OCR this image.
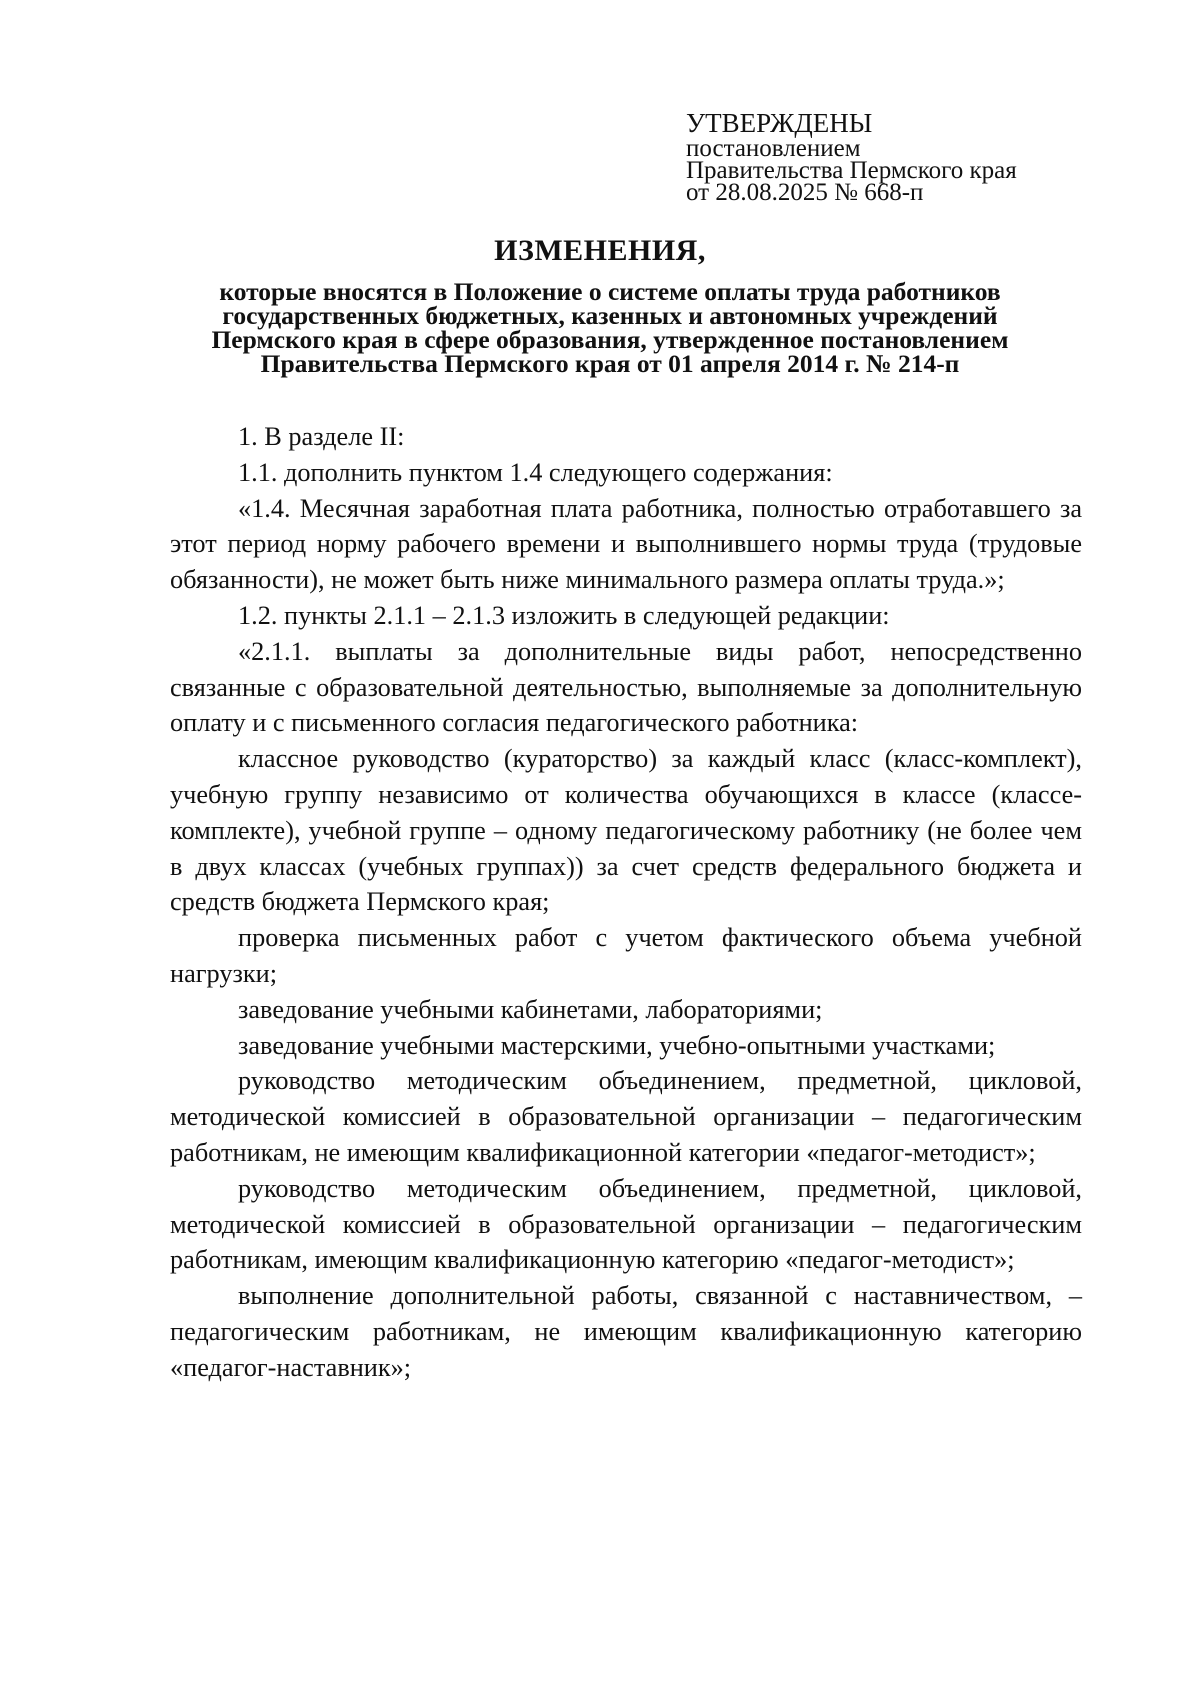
УТВЕРЖДЕНЫ
постановлением
Правительства Пермского края
от 28.08.2025 № 668-п
ИЗМЕНЕНИЯ,
которые вносятся в Положение о системе оплаты труда работников
государственных бюджетных, казенных и автономных учреждений
Пермского края в сфере образования, утвержденное постановлением
Правительства Пермского края от 01 апреля 2014 г. № 214-п

1. В разделе II:

1.1. дополнить пунктом 1.4 следующего содержания:

«1.4. Месячная заработная плата работника, полностью отработавшего за этот период норму рабочего времени и выполнившего нормы труда (трудовые обязанности), не может быть ниже минимального размера оплаты труда.»;

1.2. пункты 2.1.1 – 2.1.3 изложить в следующей редакции:

«2.1.1. выплаты за дополнительные виды работ, непосредственно связанные с образовательной деятельностью, выполняемые за дополнительную оплату и с письменного согласия педагогического работника:

классное руководство (кураторство) за каждый класс (класс-комплект), учебную группу независимо от количества обучающихся в классе (классе-комплекте), учебной группе – одному педагогическому работнику (не более чем в двух классах (учебных группах)) за счет средств федерального бюджета и средств бюджета Пермского края;

проверка письменных работ с учетом фактического объема учебной нагрузки;

заведование учебными кабинетами, лабораториями;

заведование учебными мастерскими, учебно-опытными участками;

руководство методическим объединением, предметной, цикловой, методической комиссией в образовательной организации – педагогическим работникам, не имеющим квалификационной категории «педагог-методист»;

руководство методическим объединением, предметной, цикловой, методической комиссией в образовательной организации – педагогическим работникам, имеющим квалификационную категорию «педагог-методист»;

выполнение дополнительной работы, связанной с наставничеством, – педагогическим работникам, не имеющим квалификационную категорию «педагог-наставник»;
